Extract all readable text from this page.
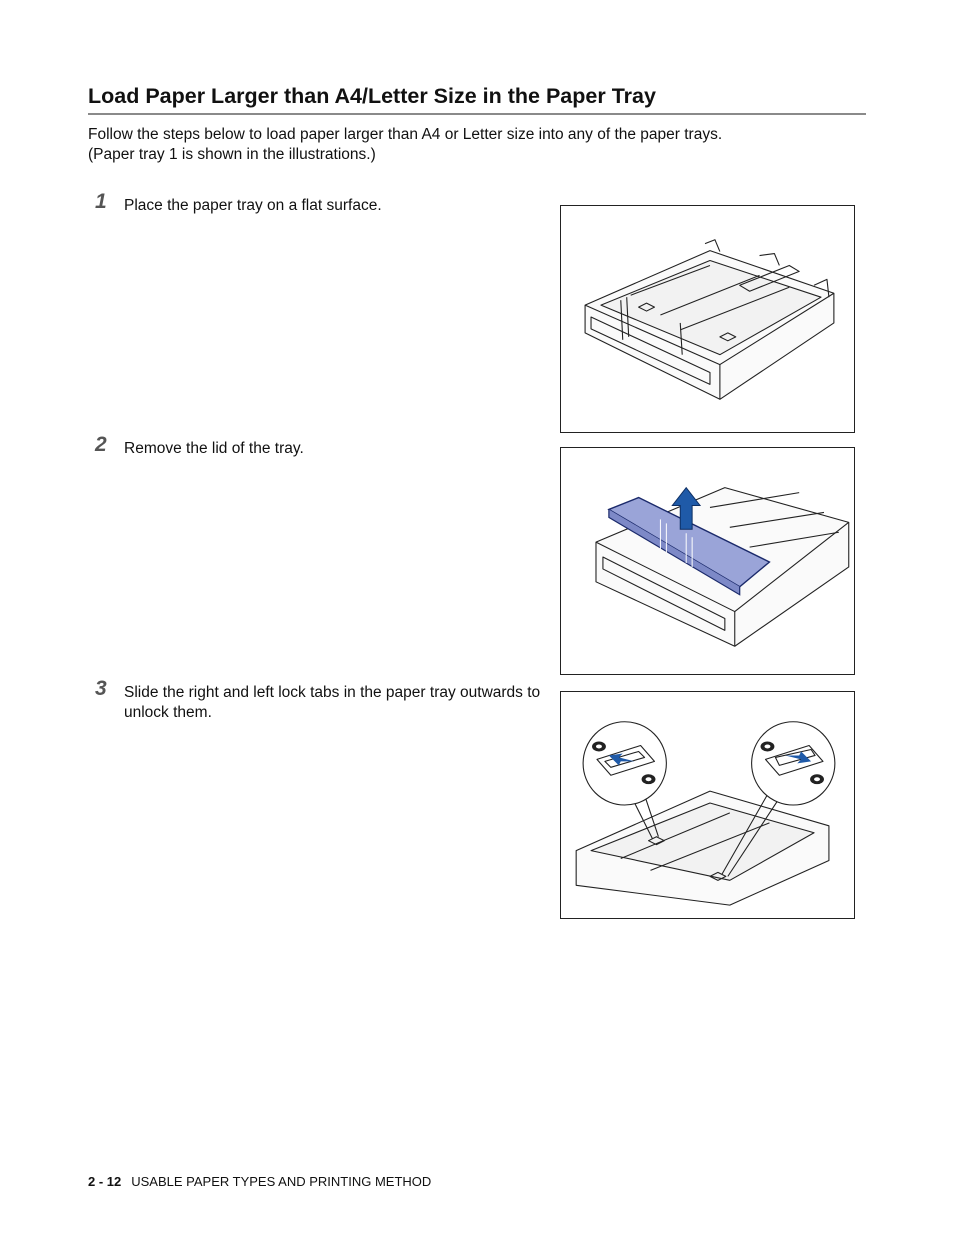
Load Paper Larger than A4/Letter Size in the Paper Tray
Follow the steps below to load paper larger than A4 or Letter size into any of the paper trays.
(Paper tray 1 is shown in the illustrations.)
1 Place the paper tray on a flat surface.
2 Remove the lid of the tray.
3 Slide the right and left lock tabs in the paper tray outwards to unlock them.
2 - 12 USABLE PAPER TYPES AND PRINTING METHOD
